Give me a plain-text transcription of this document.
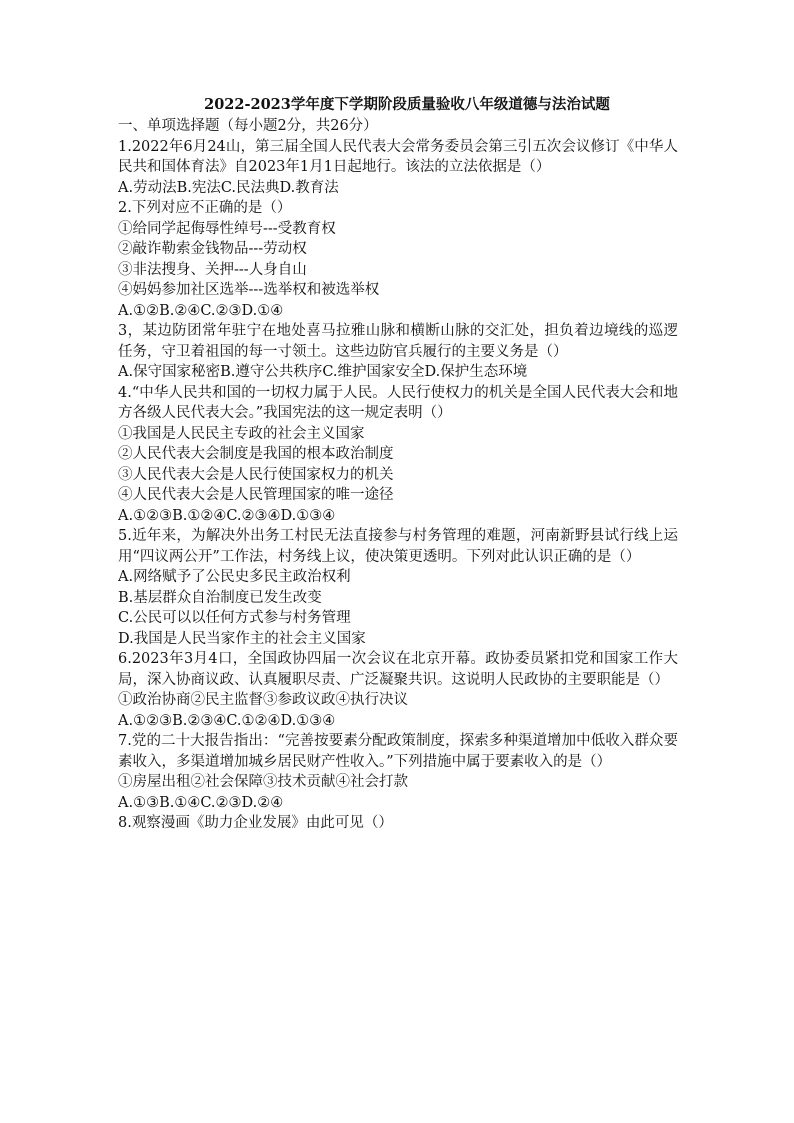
2022-2023学年度下学期阶段质量验收八年级道德与法治试题
一、单项选择题（每小题2分，共26分）
1.2022年6月24山，第三届全国人民代表大会常务委员会第三引五次会议修订《中华人民共和国体育法》自2023年1月1日起地行。该法的立法依据是（）
A.劳动法B.宪法C.民法典D.教育法
2.下列对应不正确的是（）
①给同学起侮辱性绰号---受教育权
②敲诈勒索金钱物品---劳动权
③非法搜身、关押---人身自山
④妈妈参加社区选举---选举权和被选举权
A.①②B.②④C.②③D.①④
3，某边防团常年驻宁在地处喜马拉雅山脉和横断山脉的交汇处，担负着边境线的巡逻任务，守卫着祖国的每一寸领土。这些边防官兵履行的主要义务是（）
A.保守国家秘密B.遵守公共秩序C.维护国家安全D.保护生态环境
4.“中华人民共和国的一切权力属于人民。人民行使权力的机关是全国人民代表大会和地方各级人民代表大会。”我国宪法的这一规定表明（）
①我国是人民民主专政的社会主义国家
②人民代表大会制度是我国的根本政治制度
③人民代表大会是人民行使国家权力的机关
④人民代表大会是人民管理国家的唯一途径
A.①②③B.①②④C.②③④D.①③④
5.近年来，为解决外出务工村民无法直接参与村务管理的难题，河南新野县试行线上运用“四议两公开”工作法，村务线上议，使决策更透明。下列对此认识正确的是（）
A.网络赋予了公民史多民主政治权利
B.基层群众自治制度已发生改变
C.公民可以以任何方式参与村务管理
D.我国是人民当家作主的社会主义国家
6.2023年3月4口，全国政协四届一次会议在北京开幕。政协委员紧扣党和国家工作大局，深入协商议政、认真履职尽责、广泛凝聚共识。这说明人民政协的主要职能是（）
①政治协商②民主监督③参政议政④执行决议
A.①②③B.②③④C.①②④D.①③④
7.党的二十大报告指出：“完善按要素分配政策制度，探索多种渠道增加中低收入群众要素收入，多渠道增加城乡居民财产性收入。”下列措施中属于要素收入的是（）
①房屋出租②社会保障③技术贡献④社会打款
A.①③B.①④C.②③D.②④
8.观察漫画《助力企业发展》由此可见（）
